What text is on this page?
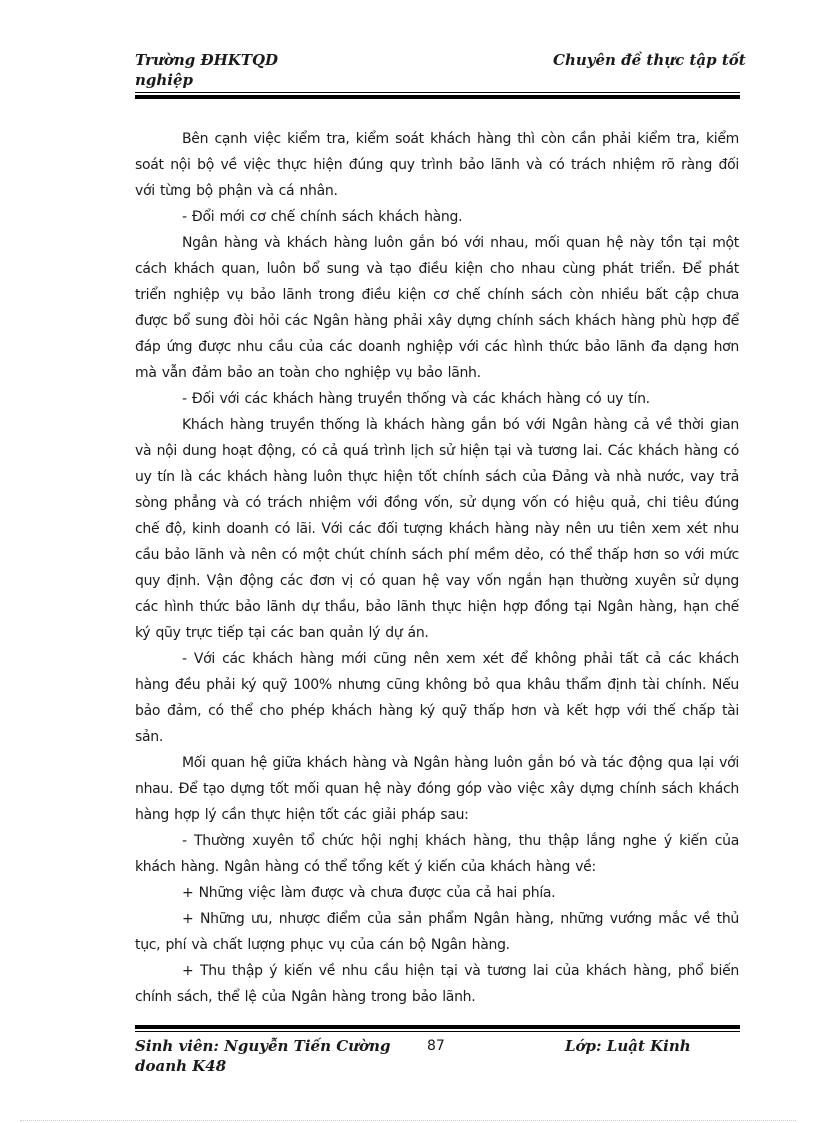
Trường ĐHKTQD nghiệp
Chuyên đề thực tập tốt

Bên cạnh việc kiểm tra, kiểm soát khách hàng thì còn cần phải kiểm tra, kiểm soát nội bộ về việc thực hiện đúng quy trình bảo lãnh và có trách nhiệm rõ ràng đối với từng bộ phận và cá nhân.

- Đổi mới cơ chế chính sách khách hàng.

Ngân hàng và khách hàng luôn gắn bó với nhau, mối quan hệ này tồn tại một cách khách quan, luôn bổ sung và tạo điều kiện cho nhau cùng phát triển. Để phát triển nghiệp vụ bảo lãnh trong điều kiện cơ chế chính sách còn nhiều bất cập chưa được bổ sung đòi hỏi các Ngân hàng phải xây dựng chính sách khách hàng phù hợp để đáp ứng được nhu cầu của các doanh nghiệp với các hình thức bảo lãnh đa dạng hơn mà vẫn đảm bảo an toàn cho nghiệp vụ bảo lãnh.

- Đối với các khách hàng truyền thống và các khách hàng có uy tín.

Khách hàng truyền thống là khách hàng gắn bó với Ngân hàng cả về thời gian và nội dung hoạt động, có cả quá trình lịch sử hiện tại và tương lai. Các khách hàng có uy tín là các khách hàng luôn thực hiện tốt chính sách của Đảng và nhà nước, vay trả sòng phẳng và có trách nhiệm với đồng vốn, sử dụng vốn có hiệu quả, chi tiêu đúng chế độ, kinh doanh có lãi. Với các đối tượng khách hàng này nên ưu tiên xem xét nhu cầu bảo lãnh và nên có một chút chính sách phí mềm dẻo, có thể thấp hơn so với mức quy định. Vận động các đơn vị có quan hệ vay vốn ngắn hạn thường xuyên sử dụng các hình thức bảo lãnh dự thầu, bảo lãnh thực hiện hợp đồng tại Ngân hàng, hạn chế ký qũy trực tiếp tại các ban quản lý dự án.

- Với các khách hàng mới cũng nên xem xét để không phải tất cả các khách hàng đều phải ký quỹ 100% nhưng cũng không bỏ qua khâu thẩm định tài chính. Nếu bảo đảm, có thể cho phép khách hàng ký quỹ thấp hơn và kết hợp với thế chấp tài sản.

Mối quan hệ giữa khách hàng và Ngân hàng luôn gắn bó và tác động qua lại với nhau. Để tạo dựng tốt mối quan hệ này đóng góp vào việc xây dựng chính sách khách hàng hợp lý cần thực hiện tốt các giải pháp sau:

- Thường xuyên tổ chức hội nghị khách hàng, thu thập lắng nghe ý kiến của khách hàng. Ngân hàng có thể tổng kết ý kiến của khách hàng về:

+ Những việc làm được và chưa được của cả hai phía.

+ Những ưu, nhược điểm của sản phẩm Ngân hàng, những vướng mắc về thủ tục, phí và chất lượng phục vụ của cán bộ Ngân hàng.

+ Thu thập ý kiến về nhu cầu hiện tại và tương lai của khách hàng, phổ biến chính sách, thể lệ của Ngân hàng trong bảo lãnh.

Sinh viên: Nguyễn Tiến Cường doanh K48
87	Lớp: Luật Kinh
